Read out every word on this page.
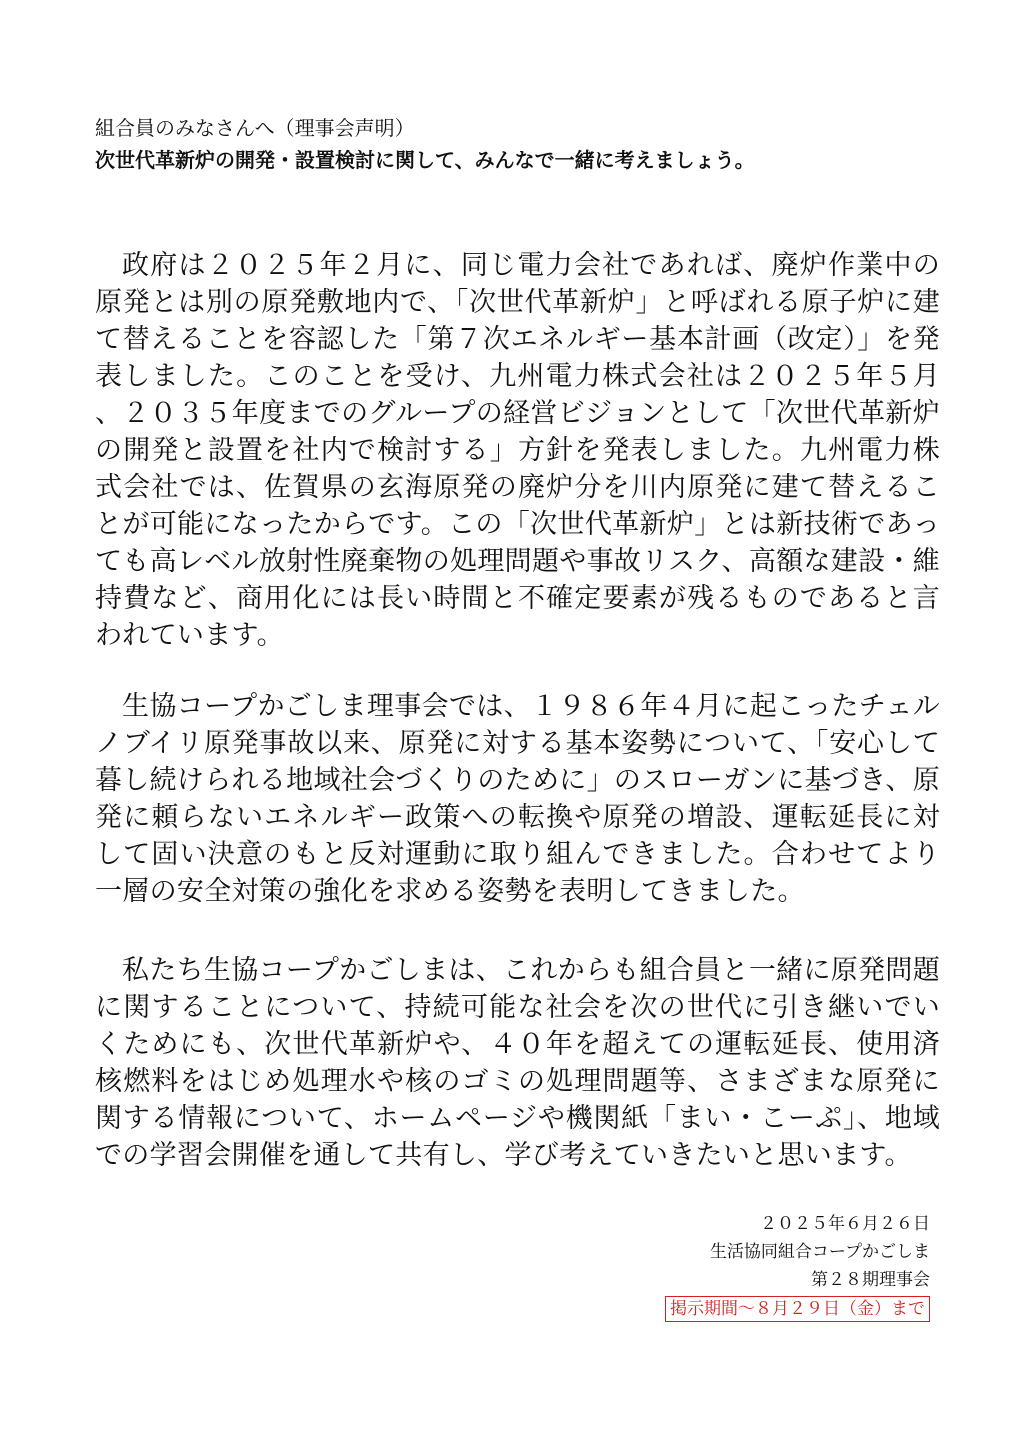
組合員のみなさんへ（理事会声明）

次世代革新炉の開発・設置検討に関して、みんなで一緒に考えましょう。

政府は２０２５年２月に、同じ電力会社であれば、廃炉作業中の原発とは別の原発敷地内で、「次世代革新炉」と呼ばれる原子炉に建て替えることを容認した「第７次エネルギー基本計画（改定）」を発表しました。このことを受け、九州電力株式会社は２０２５年５月、２０３５年度までのグループの経営ビジョンとして「次世代革新炉の開発と設置を社内で検討する」方針を発表しました。九州電力株式会社では、佐賀県の玄海原発の廃炉分を川内原発に建て替えることが可能になったからです。この「次世代革新炉」とは新技術であっても高レベル放射性廃棄物の処理問題や事故リスク、高額な建設・維持費など、商用化には長い時間と不確定要素が残るものであると言われています。

生協コープかごしま理事会では、１９８６年４月に起こったチェルノブイリ原発事故以来、原発に対する基本姿勢について、「安心して暮し続けられる地域社会づくりのために」のスローガンに基づき、原発に頼らないエネルギー政策への転換や原発の増設、運転延長に対して固い決意のもと反対運動に取り組んできました。合わせてより一層の安全対策の強化を求める姿勢を表明してきました。

私たち生協コープかごしまは、これからも組合員と一緒に原発問題に関することについて、持続可能な社会を次の世代に引き継いでいくためにも、次世代革新炉や、４０年を超えての運転延長、使用済核燃料をはじめ処理水や核のゴミの処理問題等、さまざまな原発に関する情報について、ホームページや機関紙「まい・こーぷ」、地域での学習会開催を通して共有し、学び考えていきたいと思います。

２０２５年６月２６日
生活協同組合コープかごしま
第２８期理事会
掲示期間～８月２９日（金）まで
